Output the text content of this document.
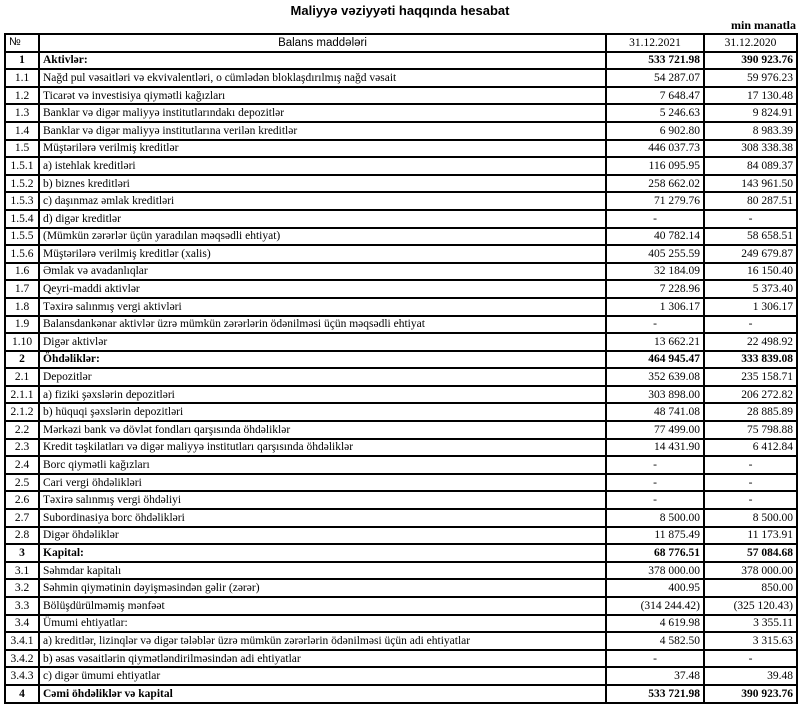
Maliyyə vəziyyəti haqqında hesabat
min manatla
№	Balans maddələri	31.12.2021	31.12.2020
1	Aktivlər:	533 721.98	390 923.76
1.1	Nağd pul vəsaitləri və ekvivalentləri, o cümlədən bloklaşdırılmış nağd vəsait	54 287.07	59 976.23
1.2	Ticarət və investisiya qiymətli kağızları	7 648.47	17 130.48
1.3	Banklar və digər maliyyə institutlarındakı depozitlər	5 246.63	9 824.91
1.4	Banklar və digər maliyyə institutlarına verilən kreditlər	6 902.80	8 983.39
1.5	Müştərilərə verilmiş kreditlər	446 037.73	308 338.38
1.5.1	a) istehlak kreditləri	116 095.95	84 089.37
1.5.2	b) biznes kreditləri	258 662.02	143 961.50
1.5.3	c) daşınmaz əmlak kreditləri	71 279.76	80 287.51
1.5.4	d) digər kreditlər	-	-
1.5.5	(Mümkün zərərlər üçün yaradılan məqsədli ehtiyat)	40 782.14	58 658.51
1.5.6	Müştərilərə verilmiş kreditlər (xalis)	405 255.59	249 679.87
1.6	Əmlak və avadanlıqlar	32 184.09	16 150.40
1.7	Qeyri-maddi aktivlər	7 228.96	5 373.40
1.8	Təxirə salınmış vergi aktivləri	1 306.17	1 306.17
1.9	Balansdankənar aktivlər üzrə mümkün zərərlərin ödənilməsi üçün məqsədli ehtiyat	-	-
1.10	Digər aktivlər	13 662.21	22 498.92
2	Öhdəliklər:	464 945.47	333 839.08
2.1	Depozitlər	352 639.08	235 158.71
2.1.1	a) fiziki şəxslərin depozitləri	303 898.00	206 272.82
2.1.2	b) hüquqi şəxslərin depozitləri	48 741.08	28 885.89
2.2	Mərkəzi bank və dövlət fondları qarşısında öhdəliklər	77 499.00	75 798.88
2.3	Kredit təşkilatları və digər maliyyə institutları qarşısında öhdəliklər	14 431.90	6 412.84
2.4	Borc qiymətli kağızları	-	-
2.5	Cari vergi öhdəlikləri	-	-
2.6	Təxirə salınmış vergi öhdəliyi	-	-
2.7	Subordinasiya borc öhdəlikləri	8 500.00	8 500.00
2.8	Digər öhdəliklər	11 875.49	11 173.91
3	Kapital:	68 776.51	57 084.68
3.1	Səhmdar kapitalı	378 000.00	378 000.00
3.2	Səhmin qiymətinin dəyişməsindən gəlir (zərər)	400.95	850.00
3.3	Bölüşdürülməmiş mənfəət	(314 244.42)	(325 120.43)
3.4	Ümumi ehtiyatlar:	4 619.98	3 355.11
3.4.1	a) kreditlər, lizinqlər və digər tələblər üzrə mümkün zərərlərin ödənilməsi üçün adi ehtiyatlar	4 582.50	3 315.63
3.4.2	b) əsas vəsaitlərin qiymətləndirilməsindən adi ehtiyatlar	-	-
3.4.3	c) digər ümumi ehtiyatlar	37.48	39.48
4	Cəmi öhdəliklər və kapital	533 721.98	390 923.76
